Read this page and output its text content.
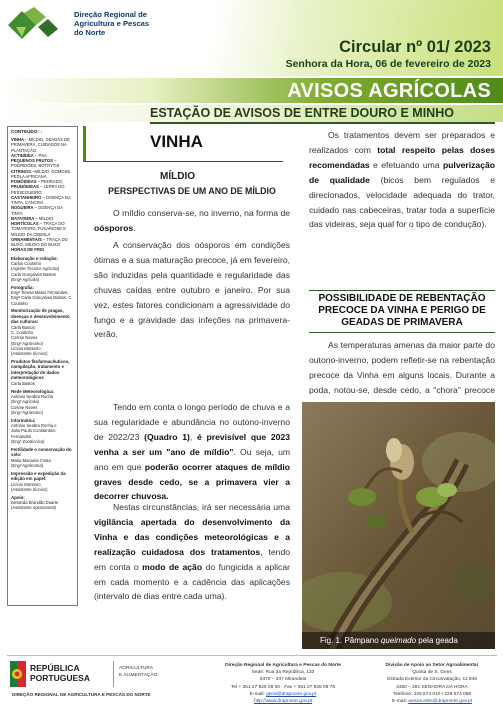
Direção Regional de
Agricultura e Pescas
do Norte
Circular nº 01/ 2023
Senhora da Hora, 06 de fevereiro de 2023
AVISOS AGRÍCOLAS
ESTAÇÃO DE AVISOS DE ENTRE DOURO E MINHO
CONTEÚDO: ↓
VINHA – MÍLDIO, GEADAS DE PRIMAVERA, CUIDADOS NA PLANTAÇÃO.
ACTINÍDEA – PSA
PEQUENOS FRUTOS – PODRIDÕES, BOTRYTIS
CITRINOS –MÍLDIO, GOMOSE, PEDLA AFRICANA
POMÓIDEAS – PEDRADO,
PRUNÓIDEAS – LEPRA DO PESSEGUEIRO
CASTANHEIRO – DOENÇA DA TINTA, CANCRO
NOGUEIRA – DOENÇA DA TINTA
BATATEIRA – MÍLDIO
HORTÍCOLAS – TRAÇA DO TOMATEIRO, FUSARIOSE E MÍLDIO DA CEBOLA
ORNAMENTAIS – TRAÇA DO BUXO, MÍLDIO DO BUXO
HORAS DE FRIO
Elaboração e redação:
Carlos Coutinho
(Agente Técnico Agrícola)
Carla Gonçalves Bastos
(Engª Agrícola)
Fotografia:
Engª Teresa Matos Fernandes, Engª Carla Gonçalves Bastos, C. Coutinho
Monitorização de pragas, doenças e desenvolvimento das culturas:
Carla Bastos
C. Coutinho
Cosme Neves
(Engº Agrónomo)
Licínio Monteiro
(Assistente técnico)
Produtos fitofarmacêuticos, compilação, tratamento e interpretação de dados meteorológicos
Carla Bastos
Rede Meteorológica:
António Seabra Rocha
(Engº Agrícola)
Cosme Neves
(Engº Agrónomo)
Informática
António Seabra Rocha e
João Paulo Constantino Fernandes
(Engº Zootécnico)
Fertilidade e conservação do solo:
Maria Manuela Costa
(Engª Agrónoma)
Impressão e expedição da edição em papel:
Licínio Monteiro
(Assistente técnico)
Apoio:
Destinda Brandão Duarte
(Assistente operacional)
VINHA
MÍLDIO
PERSPECTIVAS DE UM ANO DE MÍLDIO
O míldio conserva-se, no inverno, na forma de oósporos.
A conservação dos oósporos em condições ótimas e a sua maturação precoce, já em fevereiro, são induzidas pela quantidade e regularidade das chuvas caídas entre outubro e janeiro. Por sua vez, estes fatores condicionam a agressividade do fungo e a gravidade das infeções na primavera-verão.
Tendo em conta o longo período de chuva e a sua regularidade e abundância no outono-inverno de 2022/23 (Quadro 1), é previsível que 2023 venha a ser um "ano de míldio". Ou seja, um ano em que poderão ocorrer ataques de míldio graves desde cedo, se a primavera vier a decorrer chuvosa.
Nestas circunstâncias, irá ser necessária uma vigilância apertada do desenvolvimento da Vinha e das condições meteorológicas e a realização cuidadosa dos tratamentos, tendo em conta o modo de ação do fungicida a aplicar em cada momento e a cadência das aplicações (intervalo de dias entre cada uma).
Os tratamentos devem ser preparados e realizados com total respeito pelas doses recomendadas e efetuando uma pulverização de qualidade (bicos bem regulados e direcionados, velocidade adequada do trator, cuidado nas cabeceiras, tratar toda a superfície das videiras, seja qual for o tipo de condução).
POSSIBILIDADE DE REBENTAÇÃO PRECOCE DA VINHA E PERIGO DE GEADAS DE PRIMAVERA
As temperaturas amenas da maior parte do outono-inverno, podem refletir-se na rebentação precoce da Vinha em alguns locais. Durante a poda, notou-se, desde cedo, a "chora" precoce
Fig. 1. Pâmpano queimado pela geada
REPÚBLICA
PORTUGUESA
AGRICULTURA
E ALIMENTAÇÃO
DIREÇÃO REGIONAL DE AGRICULTURA E PESCAS DO NORTE
Direção Regional de Agricultura e Pescas do Norte
Sede: Rua da República, 133
5370 – 347 Mirandela
Tel + 351 27 826 09 00 · Fax + 351 27 826 09 76
E-mail: geral@drapnorte.gov.pt
http://www.drapnorte.gov.pt
Divisão de Apoio ao Setor Agroalimentar
Quinta de S. Gens
Estrada Exterior da Circunvalação, 11 846
4460 – 281 SENHORA DA HORA
Telefone: 229 574 010 / 229 574 068
E-mail: avisos.edm@drapnorte.gov.pt
